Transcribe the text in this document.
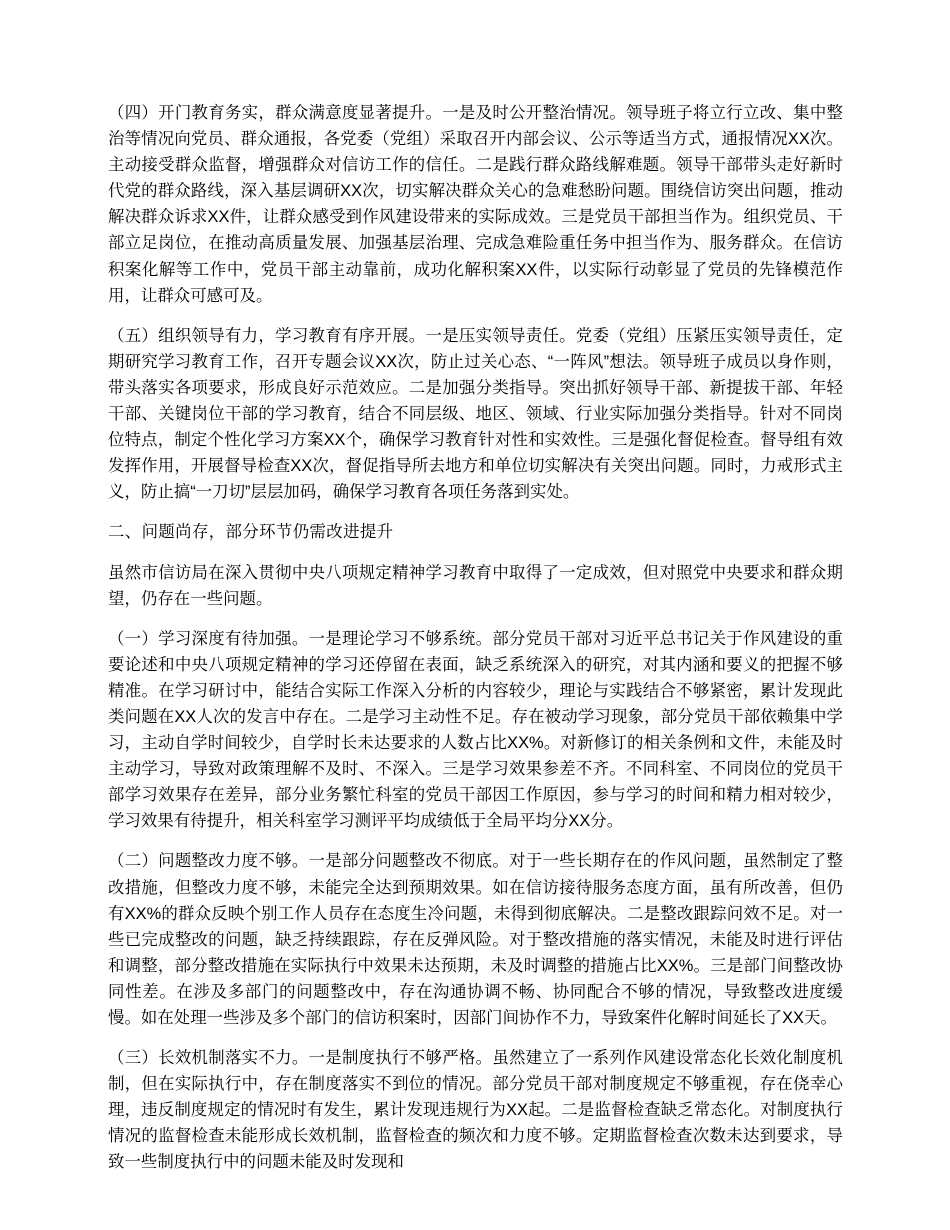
（四）开门教育务实，群众满意度显著提升。一是及时公开整治情况。领导班子将立行立改、集中整治等情况向党员、群众通报，各党委（党组）采取召开内部会议、公示等适当方式，通报情况XX次。主动接受群众监督，增强群众对信访工作的信任。二是践行群众路线解难题。领导干部带头走好新时代党的群众路线，深入基层调研XX次，切实解决群众关心的急难愁盼问题。围绕信访突出问题，推动解决群众诉求XX件，让群众感受到作风建设带来的实际成效。三是党员干部担当作为。组织党员、干部立足岗位，在推动高质量发展、加强基层治理、完成急难险重任务中担当作为、服务群众。在信访积案化解等工作中，党员干部主动靠前，成功化解积案XX件，以实际行动彰显了党员的先锋模范作用，让群众可感可及。

（五）组织领导有力，学习教育有序开展。一是压实领导责任。党委（党组）压紧压实领导责任，定期研究学习教育工作，召开专题会议XX次，防止过关心态、“一阵风”想法。领导班子成员以身作则，带头落实各项要求，形成良好示范效应。二是加强分类指导。突出抓好领导干部、新提拔干部、年轻干部、关键岗位干部的学习教育，结合不同层级、地区、领域、行业实际加强分类指导。针对不同岗位特点，制定个性化学习方案XX个，确保学习教育针对性和实效性。三是强化督促检查。督导组有效发挥作用，开展督导检查XX次，督促指导所去地方和单位切实解决有关突出问题。同时，力戒形式主义，防止搞“一刀切”层层加码，确保学习教育各项任务落到实处。

二、问题尚存，部分环节仍需改进提升

虽然市信访局在深入贯彻中央八项规定精神学习教育中取得了一定成效，但对照党中央要求和群众期望，仍存在一些问题。

（一）学习深度有待加强。一是理论学习不够系统。部分党员干部对习近平总书记关于作风建设的重要论述和中央八项规定精神的学习还停留在表面，缺乏系统深入的研究，对其内涵和要义的把握不够精准。在学习研讨中，能结合实际工作深入分析的内容较少，理论与实践结合不够紧密，累计发现此类问题在XX人次的发言中存在。二是学习主动性不足。存在被动学习现象，部分党员干部依赖集中学习，主动自学时间较少，自学时长未达要求的人数占比XX%。对新修订的相关条例和文件，未能及时主动学习，导致对政策理解不及时、不深入。三是学习效果参差不齐。不同科室、不同岗位的党员干部学习效果存在差异，部分业务繁忙科室的党员干部因工作原因，参与学习的时间和精力相对较少，学习效果有待提升，相关科室学习测评平均成绩低于全局平均分XX分。

（二）问题整改力度不够。一是部分问题整改不彻底。对于一些长期存在的作风问题，虽然制定了整改措施，但整改力度不够，未能完全达到预期效果。如在信访接待服务态度方面，虽有所改善，但仍有XX%的群众反映个别工作人员存在态度生冷问题，未得到彻底解决。二是整改跟踪问效不足。对一些已完成整改的问题，缺乏持续跟踪，存在反弹风险。对于整改措施的落实情况，未能及时进行评估和调整，部分整改措施在实际执行中效果未达预期，未及时调整的措施占比XX%。三是部门间整改协同性差。在涉及多部门的问题整改中，存在沟通协调不畅、协同配合不够的情况，导致整改进度缓慢。如在处理一些涉及多个部门的信访积案时，因部门间协作不力，导致案件化解时间延长了XX天。

（三）长效机制落实不力。一是制度执行不够严格。虽然建立了一系列作风建设常态化长效化制度机制，但在实际执行中，存在制度落实不到位的情况。部分党员干部对制度规定不够重视，存在侥幸心理，违反制度规定的情况时有发生，累计发现违规行为XX起。二是监督检查缺乏常态化。对制度执行情况的监督检查未能形成长效机制，监督检查的频次和力度不够。定期监督检查次数未达到要求，导致一些制度执行中的问题未能及时发现和
